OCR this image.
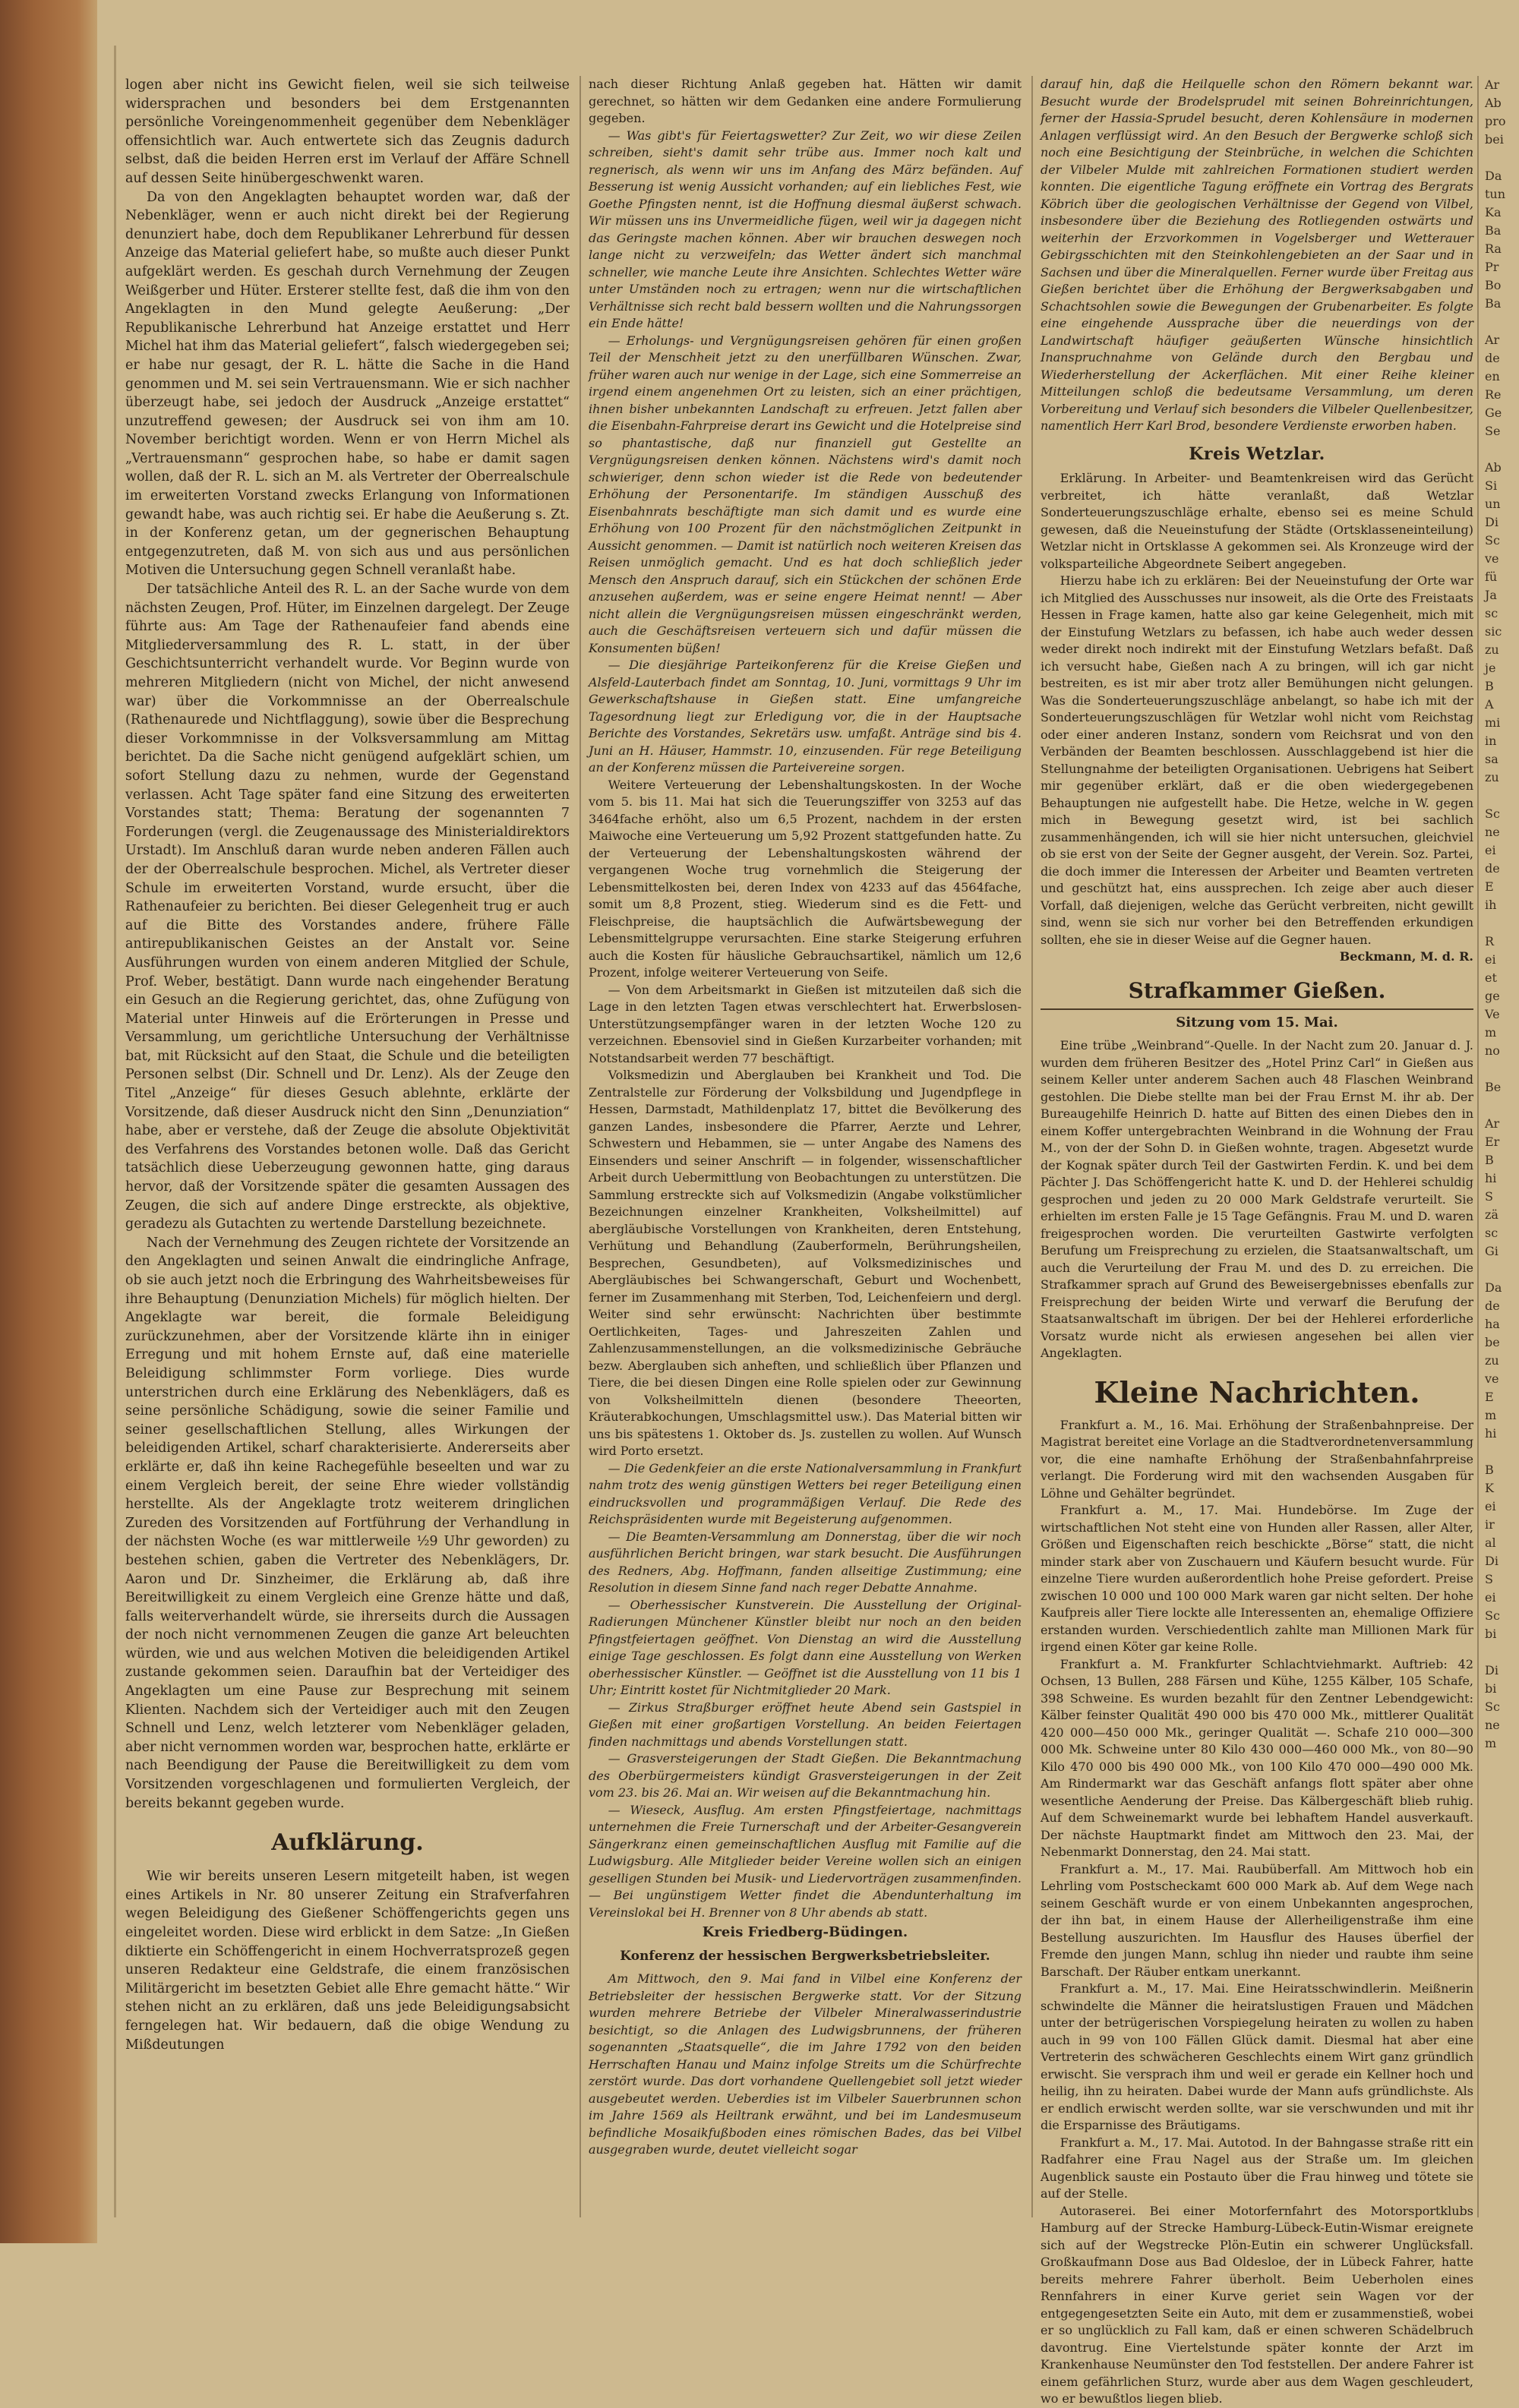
logen aber nicht ins Gewicht fielen, weil sie sich teilweise widersprachen und besonders bei dem Erstgenannten persönliche Voreingenommenheit gegenüber dem Nebenkläger offensichtlich war. Auch entwertete sich das Zeugnis dadurch selbst, daß die beiden Herren erst im Verlauf der Affäre Schnell auf dessen Seite hinübergeschwenkt waren.

Da von den Angeklagten behauptet worden war, daß der Nebenkläger, wenn er auch nicht direkt bei der Regierung denunziert habe, doch dem Republikaner Lehrerbund für dessen Anzeige das Material geliefert habe, so mußte auch dieser Punkt aufgeklärt werden. Es geschah durch Vernehmung der Zeugen Weißgerber und Hüter. Ersterer stellte fest, daß die ihm von den Angeklagten in den Mund gelegte Aeußerung: „Der Republikanische Lehrerbund hat Anzeige erstattet und Herr Michel hat ihm das Material geliefert“, falsch wiedergegeben sei; er habe nur gesagt, der R. L. hätte die Sache in die Hand genommen und M. sei sein Vertrauensmann. Wie er sich nachher überzeugt habe, sei jedoch der Ausdruck „Anzeige erstattet“ unzutreffend gewesen; der Ausdruck sei von ihm am 10. November berichtigt worden. Wenn er von Herrn Michel als „Vertrauensmann“ gesprochen habe, so habe er damit sagen wollen, daß der R. L. sich an M. als Vertreter der Oberrealschule im erweiterten Vorstand zwecks Erlangung von Informationen gewandt habe, was auch richtig sei. Er habe die Aeußerung s. Zt. in der Konferenz getan, um der gegnerischen Behauptung entgegenzutreten, daß M. von sich aus und aus persönlichen Motiven die Untersuchung gegen Schnell veranlaßt habe.

Der tatsächliche Anteil des R. L. an der Sache wurde von dem nächsten Zeugen, Prof. Hüter, im Einzelnen dargelegt. Der Zeuge führte aus: Am Tage der Rathenaufeier fand abends eine Mitgliederversammlung des R. L. statt, in der über Geschichtsunterricht verhandelt wurde. Vor Beginn wurde von mehreren Mitgliedern (nicht von Michel, der nicht anwesend war) über die Vorkommnisse an der Oberrealschule (Rathenaurede und Nichtflaggung), sowie über die Besprechung dieser Vorkommnisse in der Volksversammlung am Mittag berichtet. Da die Sache nicht genügend aufgeklärt schien, um sofort Stellung dazu zu nehmen, wurde der Gegenstand verlassen. Acht Tage später fand eine Sitzung des erweiterten Vorstandes statt; Thema: Beratung der sogenannten 7 Forderungen (vergl. die Zeugenaussage des Ministerialdirektors Urstadt). Im Anschluß daran wurde neben anderen Fällen auch der der Oberrealschule besprochen. Michel, als Vertreter dieser Schule im erweiterten Vorstand, wurde ersucht, über die Rathenaufeier zu berichten. Bei dieser Gelegenheit trug er auch auf die Bitte des Vorstandes andere, frühere Fälle antirepublikanischen Geistes an der Anstalt vor. Seine Ausführungen wurden von einem anderen Mitglied der Schule, Prof. Weber, bestätigt. Dann wurde nach eingehender Beratung ein Gesuch an die Regierung gerichtet, das, ohne Zufügung von Material unter Hinweis auf die Erörterungen in Presse und Versammlung, um gerichtliche Untersuchung der Verhältnisse bat, mit Rücksicht auf den Staat, die Schule und die beteiligten Personen selbst (Dir. Schnell und Dr. Lenz). Als der Zeuge den Titel „Anzeige“ für dieses Gesuch ablehnte, erklärte der Vorsitzende, daß dieser Ausdruck nicht den Sinn „Denunziation“ habe, aber er verstehe, daß der Zeuge die absolute Objektivität des Verfahrens des Vorstandes betonen wolle. Daß das Gericht tatsächlich diese Ueberzeugung gewonnen hatte, ging daraus hervor, daß der Vorsitzende später die gesamten Aussagen des Zeugen, die sich auf andere Dinge erstreckte, als objektive, geradezu als Gutachten zu wertende Darstellung bezeichnete.

Nach der Vernehmung des Zeugen richtete der Vorsitzende an den Angeklagten und seinen Anwalt die eindringliche Anfrage, ob sie auch jetzt noch die Erbringung des Wahrheitsbeweises für ihre Behauptung (Denunziation Michels) für möglich hielten. Der Angeklagte war bereit, die formale Beleidigung zurückzunehmen, aber der Vorsitzende klärte ihn in einiger Erregung und mit hohem Ernste auf, daß eine materielle Beleidigung schlimmster Form vorliege. Dies wurde unterstrichen durch eine Erklärung des Nebenklägers, daß es seine persönliche Schädigung, sowie die seiner Familie und seiner gesellschaftlichen Stellung, alles Wirkungen der beleidigenden Artikel, scharf charakterisierte. Andererseits aber erklärte er, daß ihn keine Rachegefühle beseelten und war zu einem Vergleich bereit, der seine Ehre wieder vollständig herstellte. Als der Angeklagte trotz weiterem dringlichen Zureden des Vorsitzenden auf Fortführung der Verhandlung in der nächsten Woche (es war mittlerweile ½9 Uhr geworden) zu bestehen schien, gaben die Vertreter des Nebenklägers, Dr. Aaron und Dr. Sinzheimer, die Erklärung ab, daß ihre Bereitwilligkeit zu einem Vergleich eine Grenze hätte und daß, falls weiterverhandelt würde, sie ihrerseits durch die Aussagen der noch nicht vernommenen Zeugen die ganze Art beleuchten würden, wie und aus welchen Motiven die beleidigenden Artikel zustande gekommen seien. Daraufhin bat der Verteidiger des Angeklagten um eine Pause zur Besprechung mit seinem Klienten. Nachdem sich der Verteidiger auch mit den Zeugen Schnell und Lenz, welch letzterer vom Nebenkläger geladen, aber nicht vernommen worden war, besprochen hatte, erklärte er nach Beendigung der Pause die Bereitwilligkeit zu dem vom Vorsitzenden vorgeschlagenen und formulierten Vergleich, der bereits bekannt gegeben wurde.

Aufklärung.

Wie wir bereits unseren Lesern mitgeteilt haben, ist wegen eines Artikels in Nr. 80 unserer Zeitung ein Strafverfahren wegen Beleidigung des Gießener Schöffengerichts gegen uns eingeleitet worden. Diese wird erblickt in dem Satze: „In Gießen diktierte ein Schöffengericht in einem Hochverratsprozeß gegen unseren Redakteur eine Geldstrafe, die einem französischen Militärgericht im besetzten Gebiet alle Ehre gemacht hätte.“ Wir stehen nicht an zu erklären, daß uns jede Beleidigungsabsicht ferngelegen hat. Wir bedauern, daß die obige Wendung zu Mißdeutungen

nach dieser Richtung Anlaß gegeben hat. Hätten wir damit gerechnet, so hätten wir dem Gedanken eine andere Formulierung gegeben.

— Was gibt's für Feiertagswetter? Zur Zeit, wo wir diese Zeilen schreiben, sieht's damit sehr trübe aus. Immer noch kalt und regnerisch, als wenn wir uns im Anfang des März befänden. Auf Besserung ist wenig Aussicht vorhanden; auf ein liebliches Fest, wie Goethe Pfingsten nennt, ist die Hoffnung diesmal äußerst schwach. Wir müssen uns ins Unvermeidliche fügen, weil wir ja dagegen nicht das Geringste machen können. Aber wir brauchen deswegen noch lange nicht zu verzweifeln; das Wetter ändert sich manchmal schneller, wie manche Leute ihre Ansichten. Schlechtes Wetter wäre unter Umständen noch zu ertragen; wenn nur die wirtschaftlichen Verhältnisse sich recht bald bessern wollten und die Nahrungssorgen ein Ende hätte!

— Erholungs- und Vergnügungsreisen gehören für einen großen Teil der Menschheit jetzt zu den unerfüllbaren Wünschen. Zwar, früher waren auch nur wenige in der Lage, sich eine Sommerreise an irgend einem angenehmen Ort zu leisten, sich an einer prächtigen, ihnen bisher unbekannten Landschaft zu erfreuen. Jetzt fallen aber die Eisenbahn-Fahrpreise derart ins Gewicht und die Hotelpreise sind so phantastische, daß nur finanziell gut Gestellte an Vergnügungsreisen denken können. Nächstens wird's damit noch schwieriger, denn schon wieder ist die Rede von bedeutender Erhöhung der Personentarife. Im ständigen Ausschuß des Eisenbahnrats beschäftigte man sich damit und es wurde eine Erhöhung von 100 Prozent für den nächstmöglichen Zeitpunkt in Aussicht genommen. — Damit ist natürlich noch weiteren Kreisen das Reisen unmöglich gemacht. Und es hat doch schließlich jeder Mensch den Anspruch darauf, sich ein Stückchen der schönen Erde anzusehen außerdem, was er seine engere Heimat nennt! — Aber nicht allein die Vergnügungsreisen müssen eingeschränkt werden, auch die Geschäftsreisen verteuern sich und dafür müssen die Konsumenten büßen!

— Die diesjährige Parteikonferenz für die Kreise Gießen und Alsfeld-Lauterbach findet am Sonntag, 10. Juni, vormittags 9 Uhr im Gewerkschaftshause in Gießen statt. Eine umfangreiche Tagesordnung liegt zur Erledigung vor, die in der Hauptsache Berichte des Vorstandes, Sekretärs usw. umfaßt. Anträge sind bis 4. Juni an H. Häuser, Hammstr. 10, einzusenden. Für rege Beteiligung an der Konferenz müssen die Parteivereine sorgen.

Weitere Verteuerung der Lebenshaltungskosten. In der Woche vom 5. bis 11. Mai hat sich die Teuerungsziffer von 3253 auf das 3464fache erhöht, also um 6,5 Prozent, nachdem in der ersten Maiwoche eine Verteuerung um 5,92 Prozent stattgefunden hatte. Zu der Verteuerung der Lebenshaltungskosten während der vergangenen Woche trug vornehmlich die Steigerung der Lebensmittelkosten bei, deren Index von 4233 auf das 4564fache, somit um 8,8 Prozent, stieg. Wiederum sind es die Fett- und Fleischpreise, die hauptsächlich die Aufwärtsbewegung der Lebensmittelgruppe verursachten. Eine starke Steigerung erfuhren auch die Kosten für häusliche Gebrauchsartikel, nämlich um 12,6 Prozent, infolge weiterer Verteuerung von Seife.

— Von dem Arbeitsmarkt in Gießen ist mitzuteilen daß sich die Lage in den letzten Tagen etwas verschlechtert hat. Erwerbslosen-Unterstützungsempfänger waren in der letzten Woche 120 zu verzeichnen. Ebensoviel sind in Gießen Kurzarbeiter vorhanden; mit Notstandsarbeit werden 77 beschäftigt.

Volksmedizin und Aberglauben bei Krankheit und Tod. Die Zentralstelle zur Förderung der Volksbildung und Jugendpflege in Hessen, Darmstadt, Mathildenplatz 17, bittet die Bevölkerung des ganzen Landes, insbesondere die Pfarrer, Aerzte und Lehrer, Schwestern und Hebammen, sie — unter Angabe des Namens des Einsenders und seiner Anschrift — in folgender, wissenschaftlicher Arbeit durch Uebermittlung von Beobachtungen zu unterstützen. Die Sammlung erstreckte sich auf Volksmedizin (Angabe volkstümlicher Bezeichnungen einzelner Krankheiten, Volksheilmittel) auf abergläubische Vorstellungen von Krankheiten, deren Entstehung, Verhütung und Behandlung (Zauberformeln, Berührungsheilen, Besprechen, Gesundbeten), auf Volksmedizinisches und Abergläubisches bei Schwangerschaft, Geburt und Wochenbett, ferner im Zusammenhang mit Sterben, Tod, Leichenfeiern und dergl. Weiter sind sehr erwünscht: Nachrichten über bestimmte Oertlichkeiten, Tages- und Jahreszeiten Zahlen und Zahlenzusammenstellungen, an die volksmedizinische Gebräuche bezw. Aberglauben sich anheften, und schließlich über Pflanzen und Tiere, die bei diesen Dingen eine Rolle spielen oder zur Gewinnung von Volksheilmitteln dienen (besondere Theeorten, Kräuterabkochungen, Umschlagsmittel usw.). Das Material bitten wir uns bis spätestens 1. Oktober ds. Js. zustellen zu wollen. Auf Wunsch wird Porto ersetzt.

— Die Gedenkfeier an die erste Nationalversammlung in Frankfurt nahm trotz des wenig günstigen Wetters bei reger Beteiligung einen eindrucksvollen und programmäßigen Verlauf. Die Rede des Reichspräsidenten wurde mit Begeisterung aufgenommen.

— Die Beamten-Versammlung am Donnerstag, über die wir noch ausführlichen Bericht bringen, war stark besucht. Die Ausführungen des Redners, Abg. Hoffmann, fanden allseitige Zustimmung; eine Resolution in diesem Sinne fand nach reger Debatte Annahme.

— Oberhessischer Kunstverein. Die Ausstellung der Original-Radierungen Münchener Künstler bleibt nur noch an den beiden Pfingstfeiertagen geöffnet. Von Dienstag an wird die Ausstellung einige Tage geschlossen. Es folgt dann eine Ausstellung von Werken oberhessischer Künstler. — Geöffnet ist die Ausstellung von 11 bis 1 Uhr; Eintritt kostet für Nichtmitglieder 20 Mark.

— Zirkus Straßburger eröffnet heute Abend sein Gastspiel in Gießen mit einer großartigen Vorstellung. An beiden Feiertagen finden nachmittags und abends Vorstellungen statt.

— Grasversteigerungen der Stadt Gießen. Die Bekanntmachung des Oberbürgermeisters kündigt Grasversteigerungen in der Zeit vom 23. bis 26. Mai an. Wir weisen auf die Bekanntmachung hin.

— Wieseck, Ausflug. Am ersten Pfingstfeiertage, nachmittags unternehmen die Freie Turnerschaft und der Arbeiter-Gesangverein Sängerkranz einen gemeinschaftlichen Ausflug mit Familie auf die Ludwigsburg. Alle Mitglieder beider Vereine wollen sich an einigen geselligen Stunden bei Musik- und Liedervorträgen zusammenfinden. — Bei ungünstigem Wetter findet die Abendunterhaltung im Vereinslokal bei H. Brenner von 8 Uhr abends ab statt.

Kreis Friedberg-Büdingen.
Konferenz der hessischen Bergwerksbetriebsleiter.

Am Mittwoch, den 9. Mai fand in Vilbel eine Konferenz der Betriebsleiter der hessischen Bergwerke statt. Vor der Sitzung wurden mehrere Betriebe der Vilbeler Mineralwasserindustrie besichtigt, so die Anlagen des Ludwigsbrunnens, der früheren sogenannten „Staatsquelle“, die im Jahre 1792 von den beiden Herrschaften Hanau und Mainz infolge Streits um die Schürfrechte zerstört wurde. Das dort vorhandene Quellengebiet soll jetzt wieder ausgebeutet werden. Ueberdies ist im Vilbeler Sauerbrunnen schon im Jahre 1569 als Heiltrank erwähnt, und bei im Landesmuseum befindliche Mosaikfußboden eines römischen Bades, das bei Vilbel ausgegraben wurde, deutet vielleicht sogar

darauf hin, daß die Heilquelle schon den Römern bekannt war. Besucht wurde der Brodelsprudel mit seinen Bohreinrichtungen, ferner der Hassia-Sprudel besucht, deren Kohlensäure in modernen Anlagen verflüssigt wird. An den Besuch der Bergwerke schloß sich noch eine Besichtigung der Steinbrüche, in welchen die Schichten der Vilbeler Mulde mit zahlreichen Formationen studiert werden konnten. Die eigentliche Tagung eröffnete ein Vortrag des Bergrats Köbrich über die geologischen Verhältnisse der Gegend von Vilbel, insbesondere über die Beziehung des Rotliegenden ostwärts und weiterhin der Erzvorkommen in Vogelsberger und Wetterauer Gebirgsschichten mit den Steinkohlengebieten an der Saar und in Sachsen und über die Mineralquellen. Ferner wurde über Freitag aus Gießen berichtet über die Erhöhung der Bergwerksabgaben und Schachtsohlen sowie die Bewegungen der Grubenarbeiter. Es folgte eine eingehende Aussprache über die neuerdings von der Landwirtschaft häufiger geäußerten Wünsche hinsichtlich Inanspruchnahme von Gelände durch den Bergbau und Wiederherstellung der Ackerflächen. Mit einer Reihe kleiner Mitteilungen schloß die bedeutsame Versammlung, um deren Vorbereitung und Verlauf sich besonders die Vilbeler Quellenbesitzer, namentlich Herr Karl Brod, besondere Verdienste erworben haben.

Kreis Wetzlar.

Erklärung. In Arbeiter- und Beamtenkreisen wird das Gerücht verbreitet, ich hätte veranlaßt, daß Wetzlar Sonderteuerungszuschläge erhalte, ebenso sei es meine Schuld gewesen, daß die Neueinstufung der Städte (Ortsklasseneinteilung) Wetzlar nicht in Ortsklasse A gekommen sei. Als Kronzeuge wird der volksparteiliche Abgeordnete Seibert angegeben.

Hierzu habe ich zu erklären: Bei der Neueinstufung der Orte war ich Mitglied des Ausschusses nur insoweit, als die Orte des Freistaats Hessen in Frage kamen, hatte also gar keine Gelegenheit, mich mit der Einstufung Wetzlars zu befassen, ich habe auch weder dessen weder direkt noch indirekt mit der Einstufung Wetzlars befaßt. Daß ich versucht habe, Gießen nach A zu bringen, will ich gar nicht bestreiten, es ist mir aber trotz aller Bemühungen nicht gelungen. Was die Sonderteuerungszuschläge anbelangt, so habe ich mit der Sonderteuerungszuschlägen für Wetzlar wohl nicht vom Reichstag oder einer anderen Instanz, sondern vom Reichsrat und von den Verbänden der Beamten beschlossen. Ausschlaggebend ist hier die Stellungnahme der beteiligten Organisationen. Uebrigens hat Seibert mir gegenüber erklärt, daß er die oben wiedergegebenen Behauptungen nie aufgestellt habe. Die Hetze, welche in W. gegen mich in Bewegung gesetzt wird, ist bei sachlich zusammenhängenden, ich will sie hier nicht untersuchen, gleichviel ob sie erst von der Seite der Gegner ausgeht, der Verein. Soz. Partei, die doch immer die Interessen der Arbeiter und Beamten vertreten und geschützt hat, eins aussprechen. Ich zeige aber auch dieser Vorfall, daß diejenigen, welche das Gerücht verbreiten, nicht gewillt sind, wenn sie sich nur vorher bei den Betreffenden erkundigen sollten, ehe sie in dieser Weise auf die Gegner hauen.

Beckmann, M. d. R.
Strafkammer Gießen.
Sitzung vom 15. Mai.

Eine trübe „Weinbrand“-Quelle. In der Nacht zum 20. Januar d. J. wurden dem früheren Besitzer des „Hotel Prinz Carl“ in Gießen aus seinem Keller unter anderem Sachen auch 48 Flaschen Weinbrand gestohlen. Die Diebe stellte man bei der Frau Ernst M. ihr ab. Der Bureaugehilfe Heinrich D. hatte auf Bitten des einen Diebes den in einem Koffer untergebrachten Weinbrand in die Wohnung der Frau M., von der der Sohn D. in Gießen wohnte, tragen. Abgesetzt wurde der Kognak später durch Teil der Gastwirten Ferdin. K. und bei dem Pächter J. Das Schöffengericht hatte K. und D. der Hehlerei schuldig gesprochen und jeden zu 20 000 Mark Geldstrafe verurteilt. Sie erhielten im ersten Falle je 15 Tage Gefängnis. Frau M. und D. waren freigesprochen worden. Die verurteilten Gastwirte verfolgten Berufung um Freisprechung zu erzielen, die Staatsanwaltschaft, um auch die Verurteilung der Frau M. und des D. zu erreichen. Die Strafkammer sprach auf Grund des Beweisergebnisses ebenfalls zur Freisprechung der beiden Wirte und verwarf die Berufung der Staatsanwaltschaft im übrigen. Der bei der Hehlerei erforderliche Vorsatz wurde nicht als erwiesen angesehen bei allen vier Angeklagten.

Kleine Nachrichten.

Frankfurt a. M., 16. Mai. Erhöhung der Straßenbahnpreise. Der Magistrat bereitet eine Vorlage an die Stadtverordnetenversammlung vor, die eine namhafte Erhöhung der Straßenbahnfahrpreise verlangt. Die Forderung wird mit den wachsenden Ausgaben für Löhne und Gehälter begründet.

Frankfurt a. M., 17. Mai. Hundebörse. Im Zuge der wirtschaftlichen Not steht eine von Hunden aller Rassen, aller Alter, Größen und Eigenschaften reich beschickte „Börse“ statt, die nicht minder stark aber von Zuschauern und Käufern besucht wurde. Für einzelne Tiere wurden außerordentlich hohe Preise gefordert. Preise zwischen 10 000 und 100 000 Mark waren gar nicht selten. Der hohe Kaufpreis aller Tiere lockte alle Interessenten an, ehemalige Offiziere erstanden wurden. Verschiedentlich zahlte man Millionen Mark für irgend einen Köter gar keine Rolle.

Frankfurt a. M. Frankfurter Schlachtviehmarkt. Auftrieb: 42 Ochsen, 13 Bullen, 288 Färsen und Kühe, 1255 Kälber, 105 Schafe, 398 Schweine. Es wurden bezahlt für den Zentner Lebendgewicht: Kälber feinster Qualität 490 000 bis 470 000 Mk., mittlerer Qualität 420 000—450 000 Mk., geringer Qualität —. Schafe 210 000—300 000 Mk. Schweine unter 80 Kilo 430 000—460 000 Mk., von 80—90 Kilo 470 000 bis 490 000 Mk., von 100 Kilo 470 000—490 000 Mk. Am Rindermarkt war das Geschäft anfangs flott später aber ohne wesentliche Aenderung der Preise. Das Kälbergeschäft blieb ruhig. Auf dem Schweinemarkt wurde bei lebhaftem Handel ausverkauft. Der nächste Hauptmarkt findet am Mittwoch den 23. Mai, der Nebenmarkt Donnerstag, den 24. Mai statt.

Frankfurt a. M., 17. Mai. Raubüberfall. Am Mittwoch hob ein Lehrling vom Postscheckamt 600 000 Mark ab. Auf dem Wege nach seinem Geschäft wurde er von einem Unbekannten angesprochen, der ihn bat, in einem Hause der Allerheiligenstraße ihm eine Bestellung auszurichten. Im Hausflur des Hauses überfiel der Fremde den jungen Mann, schlug ihn nieder und raubte ihm seine Barschaft. Der Räuber entkam unerkannt.

Frankfurt a. M., 17. Mai. Eine Heiratsschwindlerin. Meißnerin schwindelte die Männer die heiratslustigen Frauen und Mädchen unter der betrügerischen Vorspiegelung heiraten zu wollen zu haben auch in 99 von 100 Fällen Glück damit. Diesmal hat aber eine Vertreterin des schwächeren Geschlechts einem Wirt ganz gründlich erwischt. Sie versprach ihm und weil er gerade ein Kellner hoch und heilig, ihn zu heiraten. Dabei wurde der Mann aufs gründlichste. Als er endlich erwischt werden sollte, war sie verschwunden und mit ihr die Ersparnisse des Bräutigams.

Frankfurt a. M., 17. Mai. Autotod. In der Bahngasse straße ritt ein Radfahrer eine Frau Nagel aus der Straße um. Im gleichen Augenblick sauste ein Postauto über die Frau hinweg und tötete sie auf der Stelle.

Autoraserei. Bei einer Motorfernfahrt des Motorsportklubs Hamburg auf der Strecke Hamburg-Lübeck-Eutin-Wismar ereignete sich auf der Wegstrecke Plön-Eutin ein schwerer Unglücksfall. Großkaufmann Dose aus Bad Oldesloe, der in Lübeck Fahrer, hatte bereits mehrere Fahrer überholt. Beim Ueberholen eines Rennfahrers in einer Kurve geriet sein Wagen vor der entgegengesetzten Seite ein Auto, mit dem er zusammenstieß, wobei er so unglücklich zu Fall kam, daß er einen schweren Schädelbruch davontrug. Eine Viertelstunde später konnte der Arzt im Krankenhause Neumünster den Tod feststellen. Der andere Fahrer ist einem gefährlichen Sturz, wurde aber aus dem Wagen geschleudert, wo er bewußtlos liegen blieb.

Ar
Ab
pro
bei

Da
tun
Ka
Ba
Ra
Pr
Bo
Ba

Ar
de
en
Re
Ge
Se

Ab
Si
un
Di
Sc
ve
fü
Ja
sc
sic
zu
je
B
A
mi
in
sa
zu

Sc
ne
ei
de
E
ih

R
ei
et
ge
Ve
m
no

Be

Ar
Er
B
hi
S
zä
sc
Gi

Da
de
ha
be
zu
ve
E
m
hi

B
K
ei
ir
al
Di
S
ei
Sc
bi

Di
bi
Sc
ne
m
